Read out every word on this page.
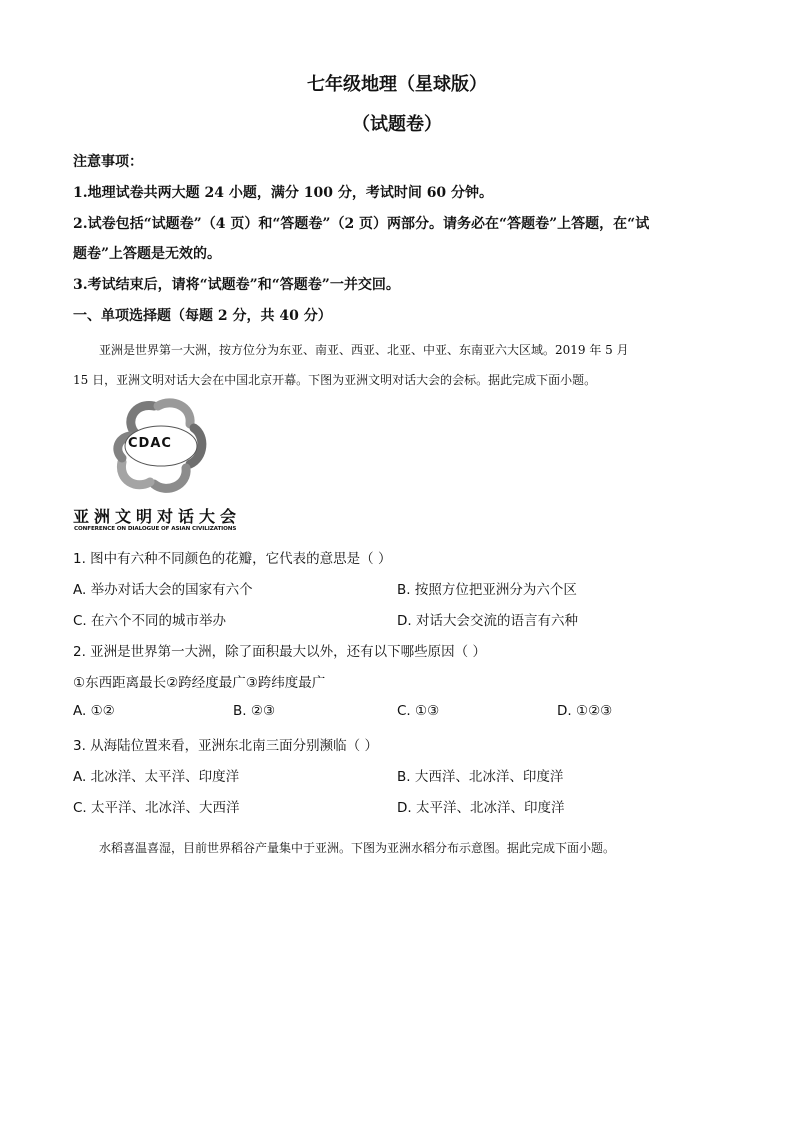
七年级地理（星球版）
（试题卷）
注意事项：
1.地理试卷共两大题 24 小题，满分 100 分，考试时间 60 分钟。
2.试卷包括“试题卷”（4 页）和“答题卷”（2 页）两部分。请务必在“答题卷”上答题，在“试
题卷”上答题是无效的。
3.考试结束后，请将“试题卷”和“答题卷”一并交回。
一、单项选择题（每题 2 分，共 40 分）
亚洲是世界第一大洲，按方位分为东亚、南亚、西亚、北亚、中亚、东南亚六大区域。2019 年 5 月
15 日，亚洲文明对话大会在中国北京开幕。下图为亚洲文明对话大会的会标。据此完成下面小题。
CDAC
亚洲文明对话大会
CONFERENCE ON DIALOGUE OF ASIAN CIVILIZATIONS
1. 图中有六种不同颜色的花瓣，它代表的意思是（ ）
A. 举办对话大会的国家有六个	B. 按照方位把亚洲分为六个区
C. 在六个不同的城市举办	D. 对话大会交流的语言有六种
2. 亚洲是世界第一大洲，除了面积最大以外，还有以下哪些原因（ ）
①东西距离最长②跨经度最广③跨纬度最广
A. ①②	B. ②③	C. ①③	D. ①②③
3. 从海陆位置来看，亚洲东北南三面分别濒临（ ）
A. 北冰洋、太平洋、印度洋	B. 大西洋、北冰洋、印度洋
C. 太平洋、北冰洋、大西洋	D. 太平洋、北冰洋、印度洋
水稻喜温喜湿，目前世界稻谷产量集中于亚洲。下图为亚洲水稻分布示意图。据此完成下面小题。
